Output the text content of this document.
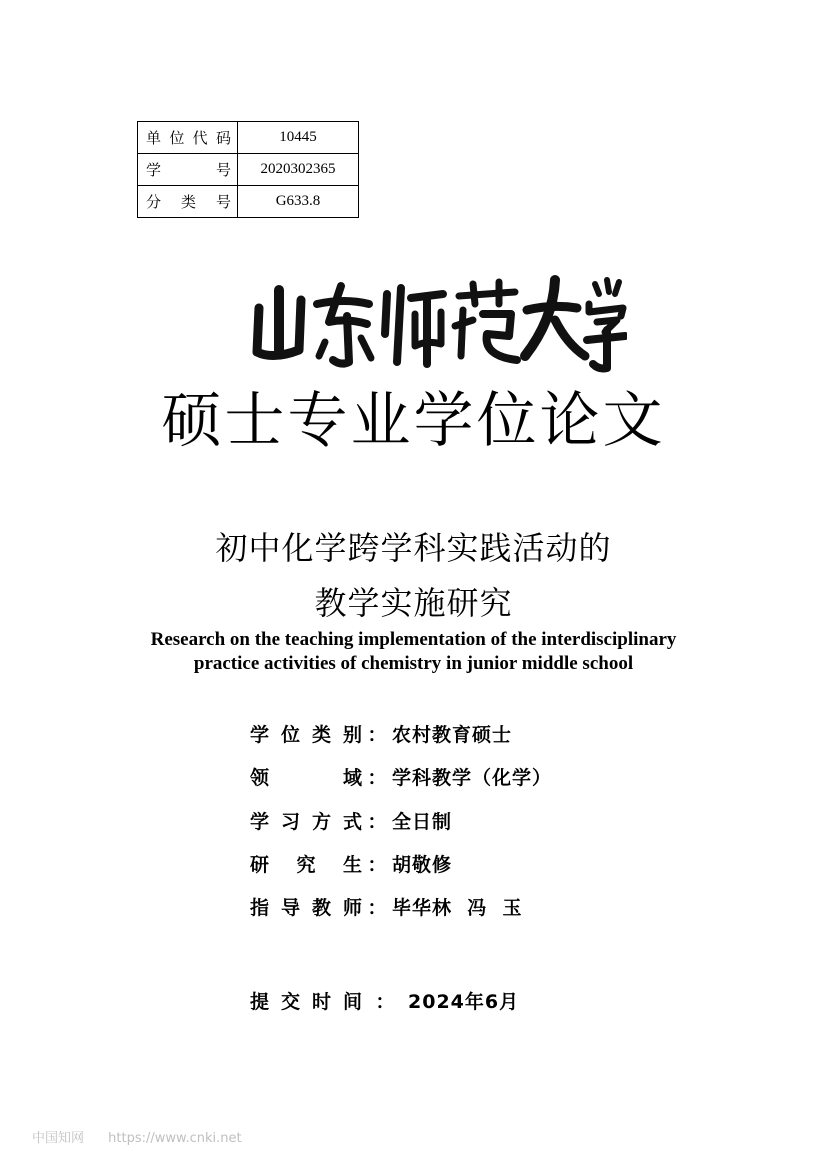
单 位 代 码	10445

学 号	2020302365

分 类 号	G633.8
硕士专业学位论文
初中化学跨学科实践活动的
教学实施研究
Research on the teaching implementation of the interdisciplinary
practice activities of chemistry in junior middle school
学 位 类 别 ： 农村教育硕士
领	域 ： 学科教学（化学）
学 习 方 式 ： 全日制
研 究 生 ： 胡敬修
指 导 教 师 ： 毕华林  冯  玉
提 交 时 间 ： 2024年6月
中国知网 https://www.cnki.net
